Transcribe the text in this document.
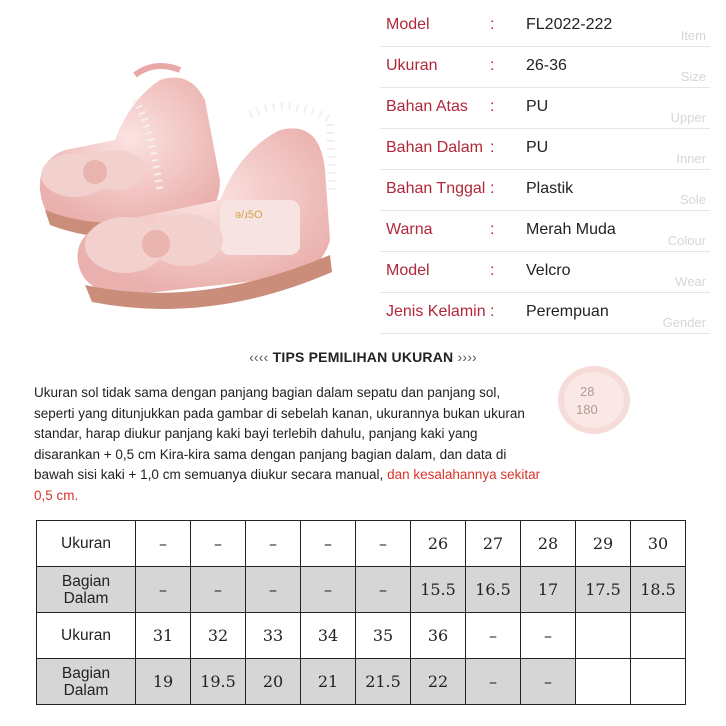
ǝ/ɹ5O
Model	: FL2022-222
Item
Ukuran	: 26-36
Size
Bahan Atas : PU
Upper
Bahan Dalam : PU
Inner
Bahan Tnggal : Plastik
Sole
Warna	: Merah Muda
Colour
Model	: Velcro
Wear
Jenis Kelamin : Perempuan
Gender
‹‹‹‹ TIPS PEMILIHAN UKURAN ››››
Ukuran sol tidak sama dengan panjang bagian dalam sepatu dan panjang sol, seperti yang ditunjukkan pada gambar di sebelah kanan, ukurannya bukan ukuran standar, harap diukur panjang kaki bayi terlebih dahulu, panjang kaki yang disarankan + 0,5 cm Kira-kira sama dengan panjang bagian dalam, dan data di bawah sisi kaki + 1,0 cm semuanya diukur secara manual, dan kesalahannya sekitar 0,5 cm.
28
180
Ukuran	–	–	–	–	–	26	27	28	29	30
Bagian
Dalam	–	–	–	–	–	15.5	16.5	17	17.5	18.5
Ukuran	31	32	33	34	35	36	–	–		
Bagian
Dalam	19	19.5	20	21	21.5	22	–	–		
